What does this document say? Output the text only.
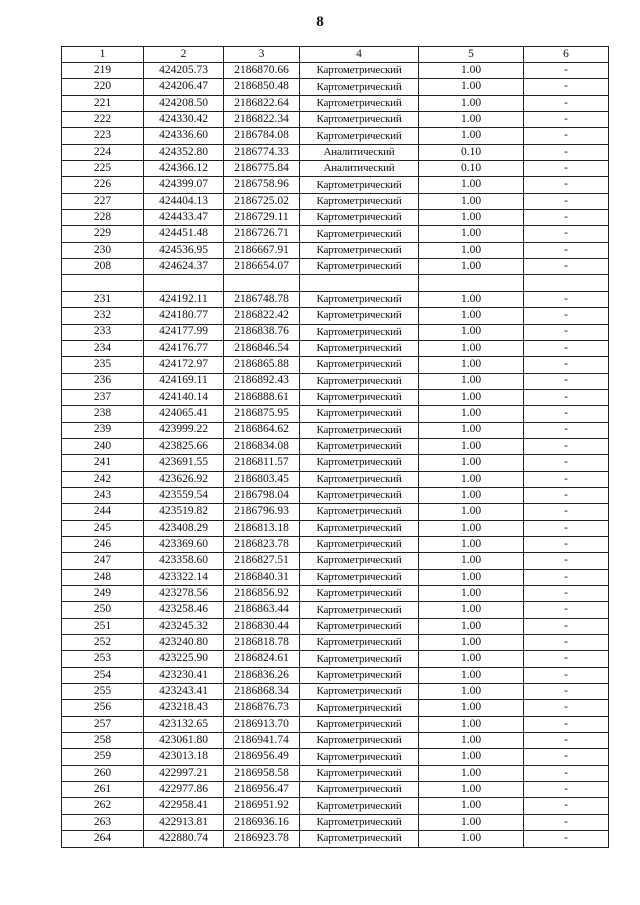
8
1	2	3	4	5	6
219	424205.73	2186870.66	Картометрический	1.00	-
220	424206.47	2186850.48	Картометрический	1.00	-
221	424208.50	2186822.64	Картометрический	1.00	-
222	424330.42	2186822.34	Картометрический	1.00	-
223	424336.60	2186784.08	Картометрический	1.00	-
224	424352.80	2186774.33	Аналитический	0.10	-
225	424366.12	2186775.84	Аналитический	0.10	-
226	424399.07	2186758.96	Картометрический	1.00	-
227	424404.13	2186725.02	Картометрический	1.00	-
228	424433.47	2186729.11	Картометрический	1.00	-
229	424451.48	2186726.71	Картометрический	1.00	-
230	424536.95	2186667.91	Картометрический	1.00	-
208	424624.37	2186654.07	Картометрический	1.00	-

231	424192.11	2186748.78	Картометрический	1.00	-
232	424180.77	2186822.42	Картометрический	1.00	-
233	424177.99	2186838.76	Картометрический	1.00	-
234	424176.77	2186846.54	Картометрический	1.00	-
235	424172.97	2186865.88	Картометрический	1.00	-
236	424169.11	2186892.43	Картометрический	1.00	-
237	424140.14	2186888.61	Картометрический	1.00	-
238	424065.41	2186875.95	Картометрический	1.00	-
239	423999.22	2186864.62	Картометрический	1.00	-
240	423825.66	2186834.08	Картометрический	1.00	-
241	423691.55	2186811.57	Картометрический	1.00	-
242	423626.92	2186803.45	Картометрический	1.00	-
243	423559.54	2186798.04	Картометрический	1.00	-
244	423519.82	2186796.93	Картометрический	1.00	-
245	423408.29	2186813.18	Картометрический	1.00	-
246	423369.60	2186823.78	Картометрический	1.00	-
247	423358.60	2186827.51	Картометрический	1.00	-
248	423322.14	2186840.31	Картометрический	1.00	-
249	423278.56	2186856.92	Картометрический	1.00	-
250	423258.46	2186863.44	Картометрический	1.00	-
251	423245.32	2186830.44	Картометрический	1.00	-
252	423240.80	2186818.78	Картометрический	1.00	-
253	423225.90	2186824.61	Картометрический	1.00	-
254	423230.41	2186836.26	Картометрический	1.00	-
255	423243.41	2186868.34	Картометрический	1.00	-
256	423218.43	2186876.73	Картометрический	1.00	-
257	423132.65	2186913.70	Картометрический	1.00	-
258	423061.80	2186941.74	Картометрический	1.00	-
259	423013.18	2186956.49	Картометрический	1.00	-
260	422997.21	2186958.58	Картометрический	1.00	-
261	422977.86	2186956.47	Картометрический	1.00	-
262	422958.41	2186951.92	Картометрический	1.00	-
263	422913.81	2186936.16	Картометрический	1.00	-
264	422880.74	2186923.78	Картометрический	1.00	-
